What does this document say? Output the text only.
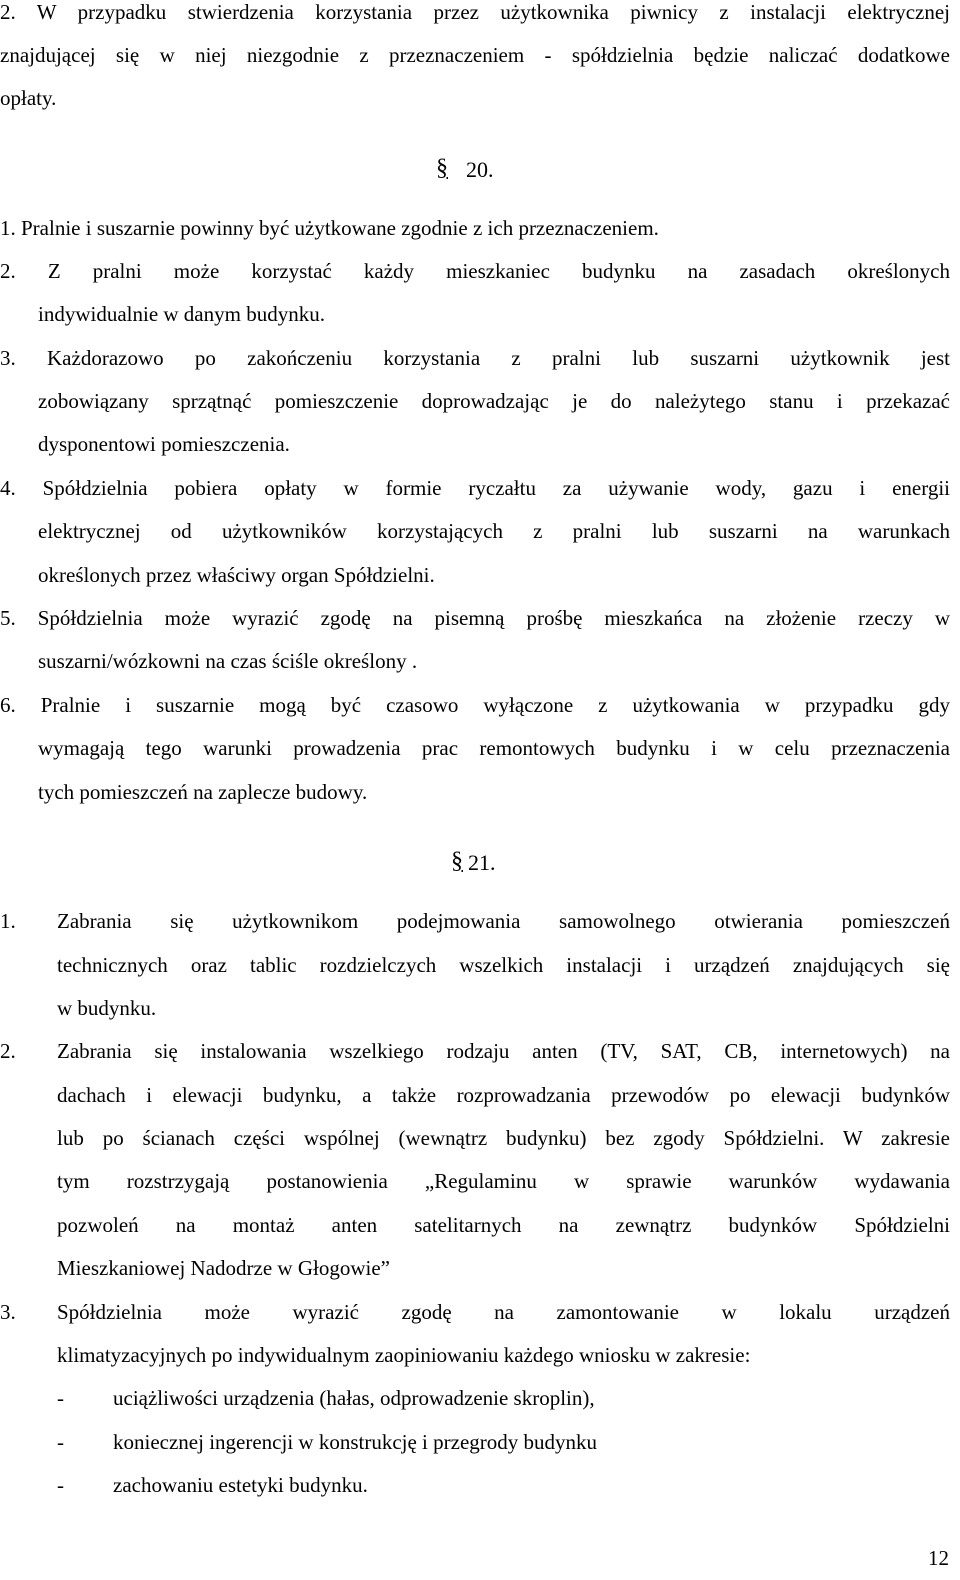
2. W przypadku stwierdzenia korzystania przez użytkownika piwnicy z instalacji elektrycznej
znajdującej się w niej niezgodnie z przeznaczeniem - spółdzielnia będzie naliczać dodatkowe
opłaty.
§ 20.
1. Pralnie i suszarnie powinny być użytkowane zgodnie z ich przeznaczeniem.
2. Z pralni może korzystać każdy mieszkaniec budynku na zasadach określonych
indywidualnie w danym budynku.
3. Każdorazowo po zakończeniu korzystania z pralni lub suszarni użytkownik jest
zobowiązany sprzątnąć pomieszczenie doprowadzając je do należytego stanu i przekazać
dysponentowi pomieszczenia.
4. Spółdzielnia pobiera opłaty w formie ryczałtu za używanie wody, gazu i energii
elektrycznej od użytkowników korzystających z pralni lub suszarni na warunkach
określonych przez właściwy organ Spółdzielni.
5. Spółdzielnia może wyrazić zgodę na pisemną prośbę mieszkańca na złożenie rzeczy w
suszarni/wózkowni na czas ściśle określony .
6. Pralnie i suszarnie mogą być czasowo wyłączone z użytkowania w przypadku gdy
wymagają tego warunki prowadzenia prac remontowych budynku i w celu przeznaczenia
tych pomieszczeń na zaplecze budowy.
§ 21.
1. Zabrania się użytkownikom podejmowania samowolnego otwierania pomieszczeń
technicznych oraz tablic rozdzielczych wszelkich instalacji i urządzeń znajdujących się
w budynku.
2. Zabrania się instalowania wszelkiego rodzaju anten (TV, SAT, CB, internetowych) na
dachach i elewacji budynku, a także rozprowadzania przewodów po elewacji budynków
lub po ścianach części wspólnej (wewnątrz budynku) bez zgody Spółdzielni. W zakresie
tym rozstrzygają postanowienia „Regulaminu w sprawie warunków wydawania
pozwoleń na montaż anten satelitarnych na zewnątrz budynków Spółdzielni
Mieszkaniowej Nadodrze w Głogowie”
3. Spółdzielnia może wyrazić zgodę na zamontowanie w lokalu urządzeń
klimatyzacyjnych po indywidualnym zaopiniowaniu każdego wniosku w zakresie:
- uciążliwości urządzenia (hałas, odprowadzenie skroplin),
- koniecznej ingerencji w konstrukcję i przegrody budynku
- zachowaniu estetyki budynku.
12
